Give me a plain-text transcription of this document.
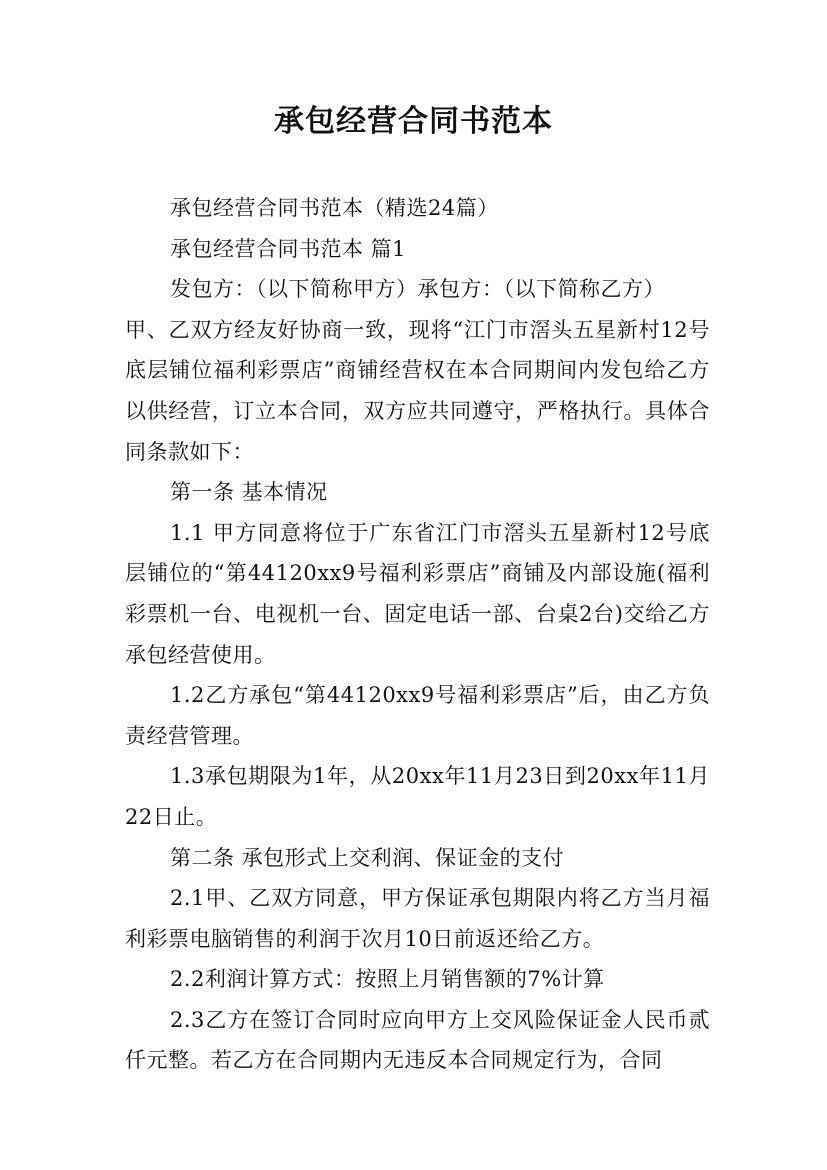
承包经营合同书范本

承包经营合同书范本（精选24篇）

承包经营合同书范本 篇1

发包方：（以下简称甲方）承包方：（以下简称乙方）

甲、乙双方经友好协商一致，现将“江门市滘头五星新村12号底层铺位福利彩票店”商铺经营权在本合同期间内发包给乙方以供经营，订立本合同，双方应共同遵守，严格执行。具体合同条款如下：

第一条 基本情况

1.1 甲方同意将位于广东省江门市滘头五星新村12号底层铺位的“第44120xx9号福利彩票店”商铺及内部设施(福利彩票机一台、电视机一台、固定电话一部、台桌2台)交给乙方承包经营使用。

1.2乙方承包“第44120xx9号福利彩票店”后，由乙方负责经营管理。

1.3承包期限为1年，从20xx年11月23日到20xx年11月22日止。

第二条 承包形式上交利润、保证金的支付

2.1甲、乙双方同意，甲方保证承包期限内将乙方当月福利彩票电脑销售的利润于次月10日前返还给乙方。

2.2利润计算方式：按照上月销售额的7%计算

2.3乙方在签订合同时应向甲方上交风险保证金人民币贰仟元整。若乙方在合同期内无违反本合同规定行为，合同
